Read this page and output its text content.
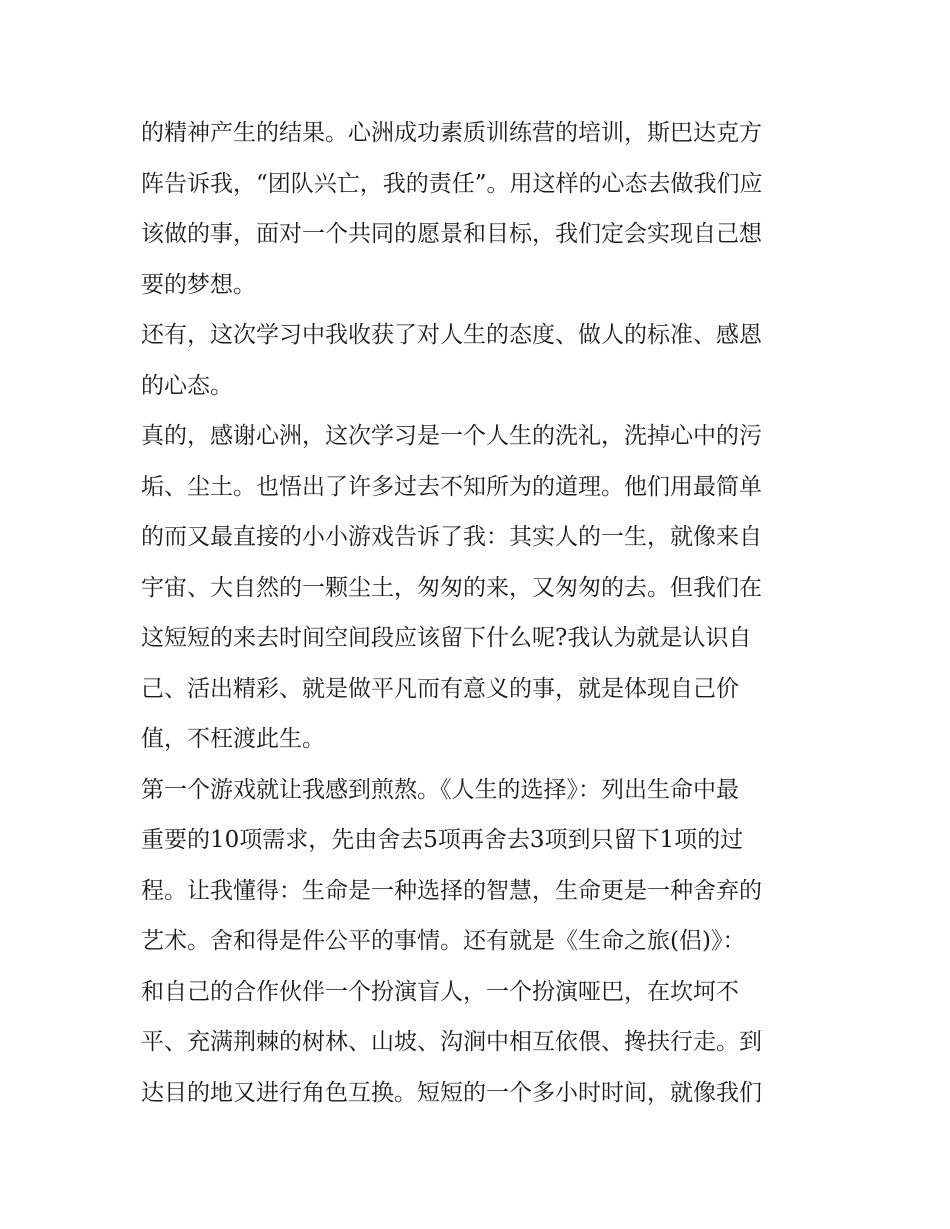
的精神产生的结果。心洲成功素质训练营的培训，斯巴达克方
阵告诉我，“团队兴亡，我的责任”。用这样的心态去做我们应
该做的事，面对一个共同的愿景和目标，我们定会实现自己想
要的梦想。
还有，这次学习中我收获了对人生的态度、做人的标准、感恩
的心态。
真的，感谢心洲，这次学习是一个人生的洗礼，洗掉心中的污
垢、尘土。也悟出了许多过去不知所为的道理。他们用最简单
的而又最直接的小小游戏告诉了我：其实人的一生，就像来自
宇宙、大自然的一颗尘土，匆匆的来，又匆匆的去。但我们在
这短短的来去时间空间段应该留下什么呢?我认为就是认识自
己、活出精彩、就是做平凡而有意义的事，就是体现自己价
值，不枉渡此生。
第一个游戏就让我感到煎熬。《人生的选择》：列出生命中最
重要的10项需求，先由舍去5项再舍去3项到只留下1项的过
程。让我懂得：生命是一种选择的智慧，生命更是一种舍弃的
艺术。舍和得是件公平的事情。还有就是《生命之旅(侣)》：
和自己的合作伙伴一个扮演盲人，一个扮演哑巴，在坎坷不
平、充满荆棘的树林、山坡、沟涧中相互依偎、搀扶行走。到
达目的地又进行角色互换。短短的一个多小时时间，就像我们
